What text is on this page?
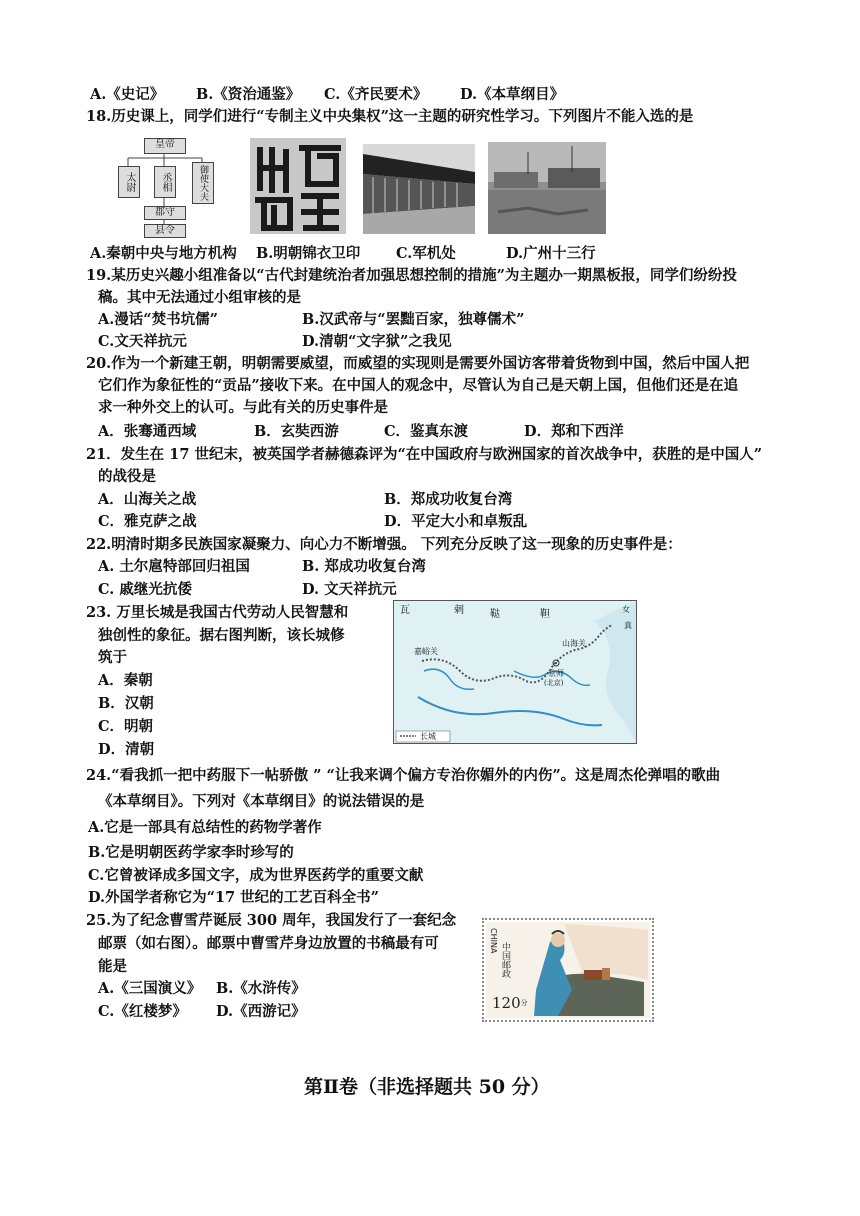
A.《史记》 B.《资治通鉴》 C.《齐民要术》 D.《本草纲目》
18.历史课上，同学们进行“专制主义中央集权”这一主题的研究性学习。下列图片不能入选的是
皇帝
太尉	丞相	御使大夫
郡守
县令
A.秦朝中央与地方机构 B.明朝锦衣卫印 C.军机处	D.广州十三行
19.某历史兴趣小组准备以“古代封建统治者加强思想控制的措施”为主题办一期黑板报，同学们纷纷投
稿。其中无法通过小组审核的是
A.漫话“焚书坑儒”	B.汉武帝与“罢黜百家，独尊儒术”
C.文天祥抗元	D.清朝“文字狱”之我见
20.作为一个新建王朝，明朝需要威望，而威望的实现则是需要外国访客带着货物到中国，然后中国人把
它们作为象征性的“贡品”接收下来。在中国人的观念中，尽管认为自己是天朝上国，但他们还是在追
求一种外交上的认可。与此有关的历史事件是
A．张骞通西域	B．玄奘西游	C．鉴真东渡	D．郑和下西洋
21．发生在 17 世纪末，被英国学者赫德森评为“在中国政府与欧洲国家的首次战争中，获胜的是中国人”
的战役是
A．山海关之战	B．郑成功收复台湾
C．雅克萨之战	D．平定大小和卓叛乱
22.明清时期多民族国家凝聚力、向心力不断增强。 下列充分反映了这一现象的历史事件是：
A. 土尔扈特部回归祖国	B. 郑成功收复台湾
C. 戚继光抗倭	D. 文天祥抗元
23. 万里长城是我国古代劳动人民智慧和
独创性的象征。据右图判断，该长城修
筑于
A．秦朝
B．汉朝
C．明朝
D．清朝
瓦	剌	鞑	靼	女
真
山海关
嘉峪关
京师
(北京)
长城
24.“看我抓一把中药服下一帖骄傲 ” “让我来调个偏方专治你媚外的内伤”。这是周杰伦弹唱的歌曲
《本草纲目》。下列对《本草纲目》的说法错误的是
A.它是一部具有总结性的药物学著作
B.它是明朝医药学家李时珍写的
C.它曾被译成多国文字，成为世界医药学的重要文献
D.外国学者称它为“17 世纪的工艺百科全书”
25.为了纪念曹雪芹诞辰 300 周年，我国发行了一套纪念
邮票（如右图）。邮票中曹雪芹身边放置的书稿最有可
能是
A.《三国演义》 B.《水浒传》
C.《红楼梦》 D.《西游记》
CHINA
中国邮政
$120^分$
第Ⅱ卷（非选择题共 50 分）
